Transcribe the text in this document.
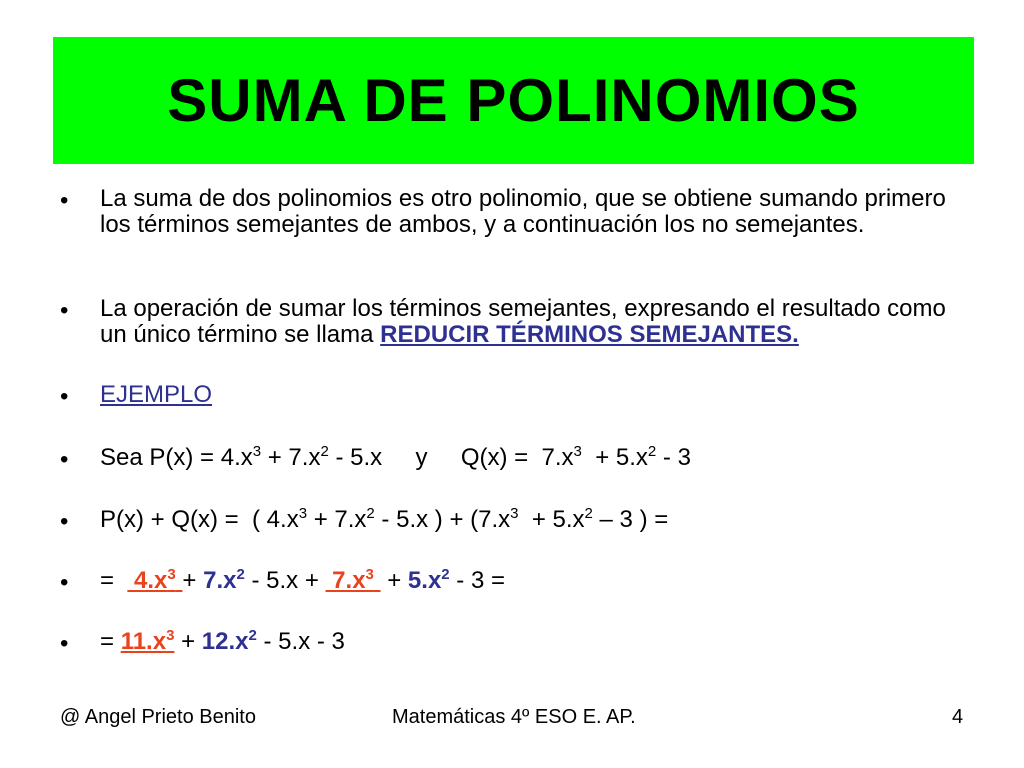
SUMA DE POLINOMIOS
• La suma de dos polinomios es otro polinomio, que se obtiene sumando primero los términos semejantes de ambos, y a continuación los no semejantes.
• La operación de sumar los términos semejantes, expresando el resultado como un único término se llama REDUCIR TÉRMINOS SEMEJANTES.
• EJEMPLO
• Sea $P(x) = 4.x^3 + 7.x^2 - 5.x$     y     $Q(x) = 7.x^3 + 5.x^2 - 3$
• P(x) + Q(x) =  ( $4.x^3 + 7.x^2 - 5.x$ ) + ($7.x^3 + 5.x^2 - 3$ ) =
• =   $4.x^3 + 7.x^2 - 5.x + 7.x^3 + 5.x^2 - 3$ =
• = $11.x^3 + 12.x^2 - 5.x - 3$
@ Angel Prieto Benito	Matemáticas 4º ESO E. AP.	4
